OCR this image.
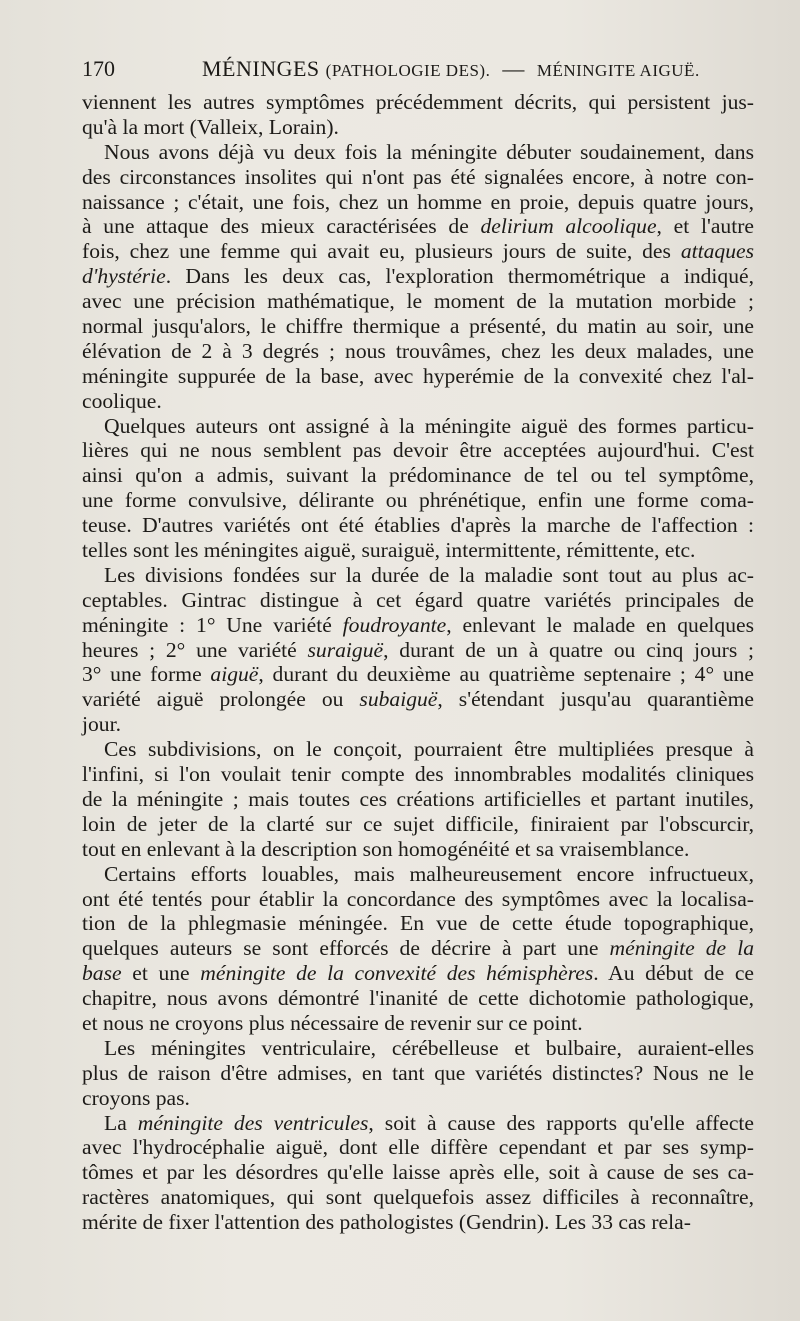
170	MÉNINGES (PATHOLOGIE DES). — MÉNINGITE AIGUË.
viennent les autres symptômes précédemment décrits, qui persistent jus-
qu'à la mort (Valleix, Lorain).
Nous avons déjà vu deux fois la méningite débuter soudainement, dans
des circonstances insolites qui n'ont pas été signalées encore, à notre con-
naissance ; c'était, une fois, chez un homme en proie, depuis quatre jours,
à une attaque des mieux caractérisées de delirium alcoolique, et l'autre
fois, chez une femme qui avait eu, plusieurs jours de suite, des attaques
d'hystérie. Dans les deux cas, l'exploration thermométrique a indiqué,
avec une précision mathématique, le moment de la mutation morbide ;
normal jusqu'alors, le chiffre thermique a présenté, du matin au soir, une
élévation de 2 à 3 degrés ; nous trouvâmes, chez les deux malades, une
méningite suppurée de la base, avec hyperémie de la convexité chez l'al-
coolique.
Quelques auteurs ont assigné à la méningite aiguë des formes particu-
lières qui ne nous semblent pas devoir être acceptées aujourd'hui. C'est
ainsi qu'on a admis, suivant la prédominance de tel ou tel symptôme,
une forme convulsive, délirante ou phrénétique, enfin une forme coma-
teuse. D'autres variétés ont été établies d'après la marche de l'affection :
telles sont les méningites aiguë, suraiguë, intermittente, rémittente, etc.
Les divisions fondées sur la durée de la maladie sont tout au plus ac-
ceptables. Gintrac distingue à cet égard quatre variétés principales de
méningite : 1° Une variété foudroyante, enlevant le malade en quelques
heures ; 2° une variété suraiguë, durant de un à quatre ou cinq jours ;
3° une forme aiguë, durant du deuxième au quatrième septenaire ; 4° une
variété aiguë prolongée ou subaiguë, s'étendant jusqu'au quarantième
jour.
Ces subdivisions, on le conçoit, pourraient être multipliées presque à
l'infini, si l'on voulait tenir compte des innombrables modalités cliniques
de la méningite ; mais toutes ces créations artificielles et partant inutiles,
loin de jeter de la clarté sur ce sujet difficile, finiraient par l'obscurcir,
tout en enlevant à la description son homogénéité et sa vraisemblance.
Certains efforts louables, mais malheureusement encore infructueux,
ont été tentés pour établir la concordance des symptômes avec la localisa-
tion de la phlegmasie méningée. En vue de cette étude topographique,
quelques auteurs se sont efforcés de décrire à part une méningite de la
base et une méningite de la convexité des hémisphères. Au début de ce
chapitre, nous avons démontré l'inanité de cette dichotomie pathologique,
et nous ne croyons plus nécessaire de revenir sur ce point.
Les méningites ventriculaire, cérébelleuse et bulbaire, auraient-elles
plus de raison d'être admises, en tant que variétés distinctes? Nous ne le
croyons pas.
La méningite des ventricules, soit à cause des rapports qu'elle affecte
avec l'hydrocéphalie aiguë, dont elle diffère cependant et par ses symp-
tômes et par les désordres qu'elle laisse après elle, soit à cause de ses ca-
ractères anatomiques, qui sont quelquefois assez difficiles à reconnaître,
mérite de fixer l'attention des pathologistes (Gendrin). Les 33 cas rela-
